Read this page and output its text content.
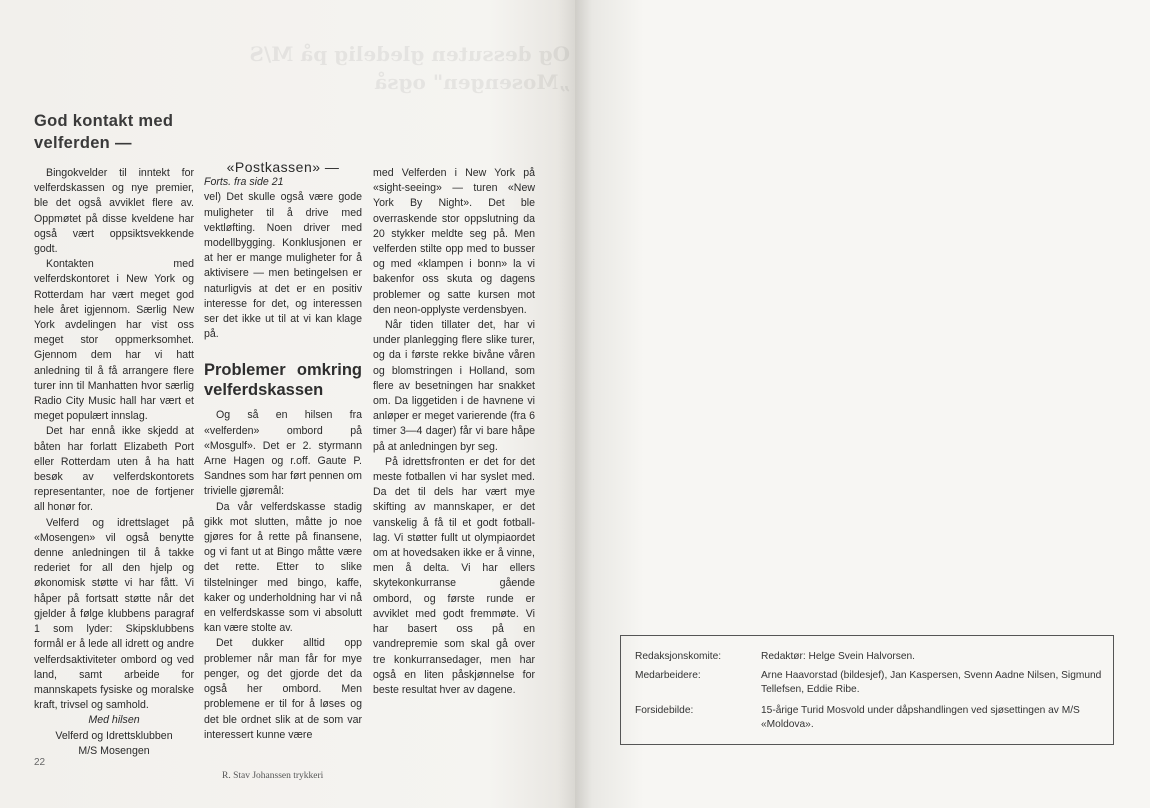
Og dessuten gledelig på M/S „Mosengen" også
God kontakt med velferden —

Bingokvelder til inntekt for velferdskassen og nye premier, ble det også avviklet flere av. Oppmøtet på disse kveldene har også vært oppsiktsvekkende godt.

Kontakten med velferdskontoret i New York og Rotterdam har vært meget god hele året igjennom. Særlig New York avdelingen har vist oss meget stor oppmerksomhet. Gjennom dem har vi hatt anledning til å få arrangere flere turer inn til Manhatten hvor særlig Radio City Music hall har vært et meget populært innslag.

Det har ennå ikke skjedd at båten har forlatt Elizabeth Port eller Rotterdam uten å ha hatt besøk av velferdskontorets representanter, noe de fortjener all honør for.

Velferd og idrettslaget på «Mosengen» vil også benytte denne anledningen til å takke rederiet for all den hjelp og økonomisk støtte vi har fått. Vi håper på fortsatt støtte når det gjelder å følge klubbens paragraf 1 som lyder: Skipsklubbens formål er å lede all idrett og andre velferdsaktiviteter ombord og ved land, samt arbeide for mannskapets fysiske og moralske kraft, trivsel og samhold.

Med hilsen

Velferd og Idrettsklubben

M/S Mosengen

«Postkassen» —

Forts. fra side 21

vel) Det skulle også være gode muligheter til å drive med vektløfting. Noen driver med modellbygging. Konklusjonen er at her er mange muligheter for å aktivisere — men betingelsen er naturligvis at det er en positiv interesse for det, og interessen ser det ikke ut til at vi kan klage på.

Problemer omkring velferdskassen

Og så en hilsen fra «velferden» ombord på «Mosgulf». Det er 2. styrmann Arne Hagen og r.off. Gaute P. Sandnes som har ført pennen om trivielle gjøremål:

Da vår velferdskasse stadig gikk mot slutten, måtte jo noe gjøres for å rette på finansene, og vi fant ut at Bingo måtte være det rette. Etter to slike tilstelninger med bingo, kaffe, kaker og underholdning har vi nå en velferdskasse som vi absolutt kan være stolte av.

Det dukker alltid opp problemer når man får for mye penger, og det gjorde det da også her ombord. Men problemene er til for å løses og det ble ordnet slik at de som var interessert kunne være

med Velferden i New York på «sight-seeing» — turen «New York By Night». Det ble overraskende stor oppslutning da 20 stykker meldte seg på. Men velferden stilte opp med to busser og med «klampen i bonn» la vi bakenfor oss skuta og dagens problemer og satte kursen mot den neon-opplyste verdensbyen.

Når tiden tillater det, har vi under planlegging flere slike turer, og da i første rekke bivåne våren og blomstringen i Holland, som flere av besetningen har snakket om. Da liggetiden i de havnene vi anløper er meget varierende (fra 6 timer 3—4 dager) får vi bare håpe på at anledningen byr seg.

På idrettsfronten er det for det meste fotballen vi har syslet med. Da det til dels har vært mye skifting av mannskaper, er det vanskelig å få til et godt fotball-lag. Vi støtter fullt ut olympiaordet om at hovedsaken ikke er å vinne, men å delta. Vi har ellers skytekonkurranse gående ombord, og første runde er avviklet med godt fremmøte. Vi har basert oss på en vandrepremie som skal gå over tre konkurransedager, men har også en liten påskjønnelse for beste resultat hver av dagene.

22
R. Stav Johanssen trykkeri
Redaksjonskomite:	Redaktør: Helge Svein Halvorsen.
Medarbeidere:	Arne Haavorstad (bildesjef), Jan Kaspersen, Svenn Aadne Nilsen, Sigmund Tellefsen, Eddie Ribe.
Forsidebilde:	15-årige Turid Mosvold under dåpshandlingen ved sjøsettingen av M/S «Moldova».
